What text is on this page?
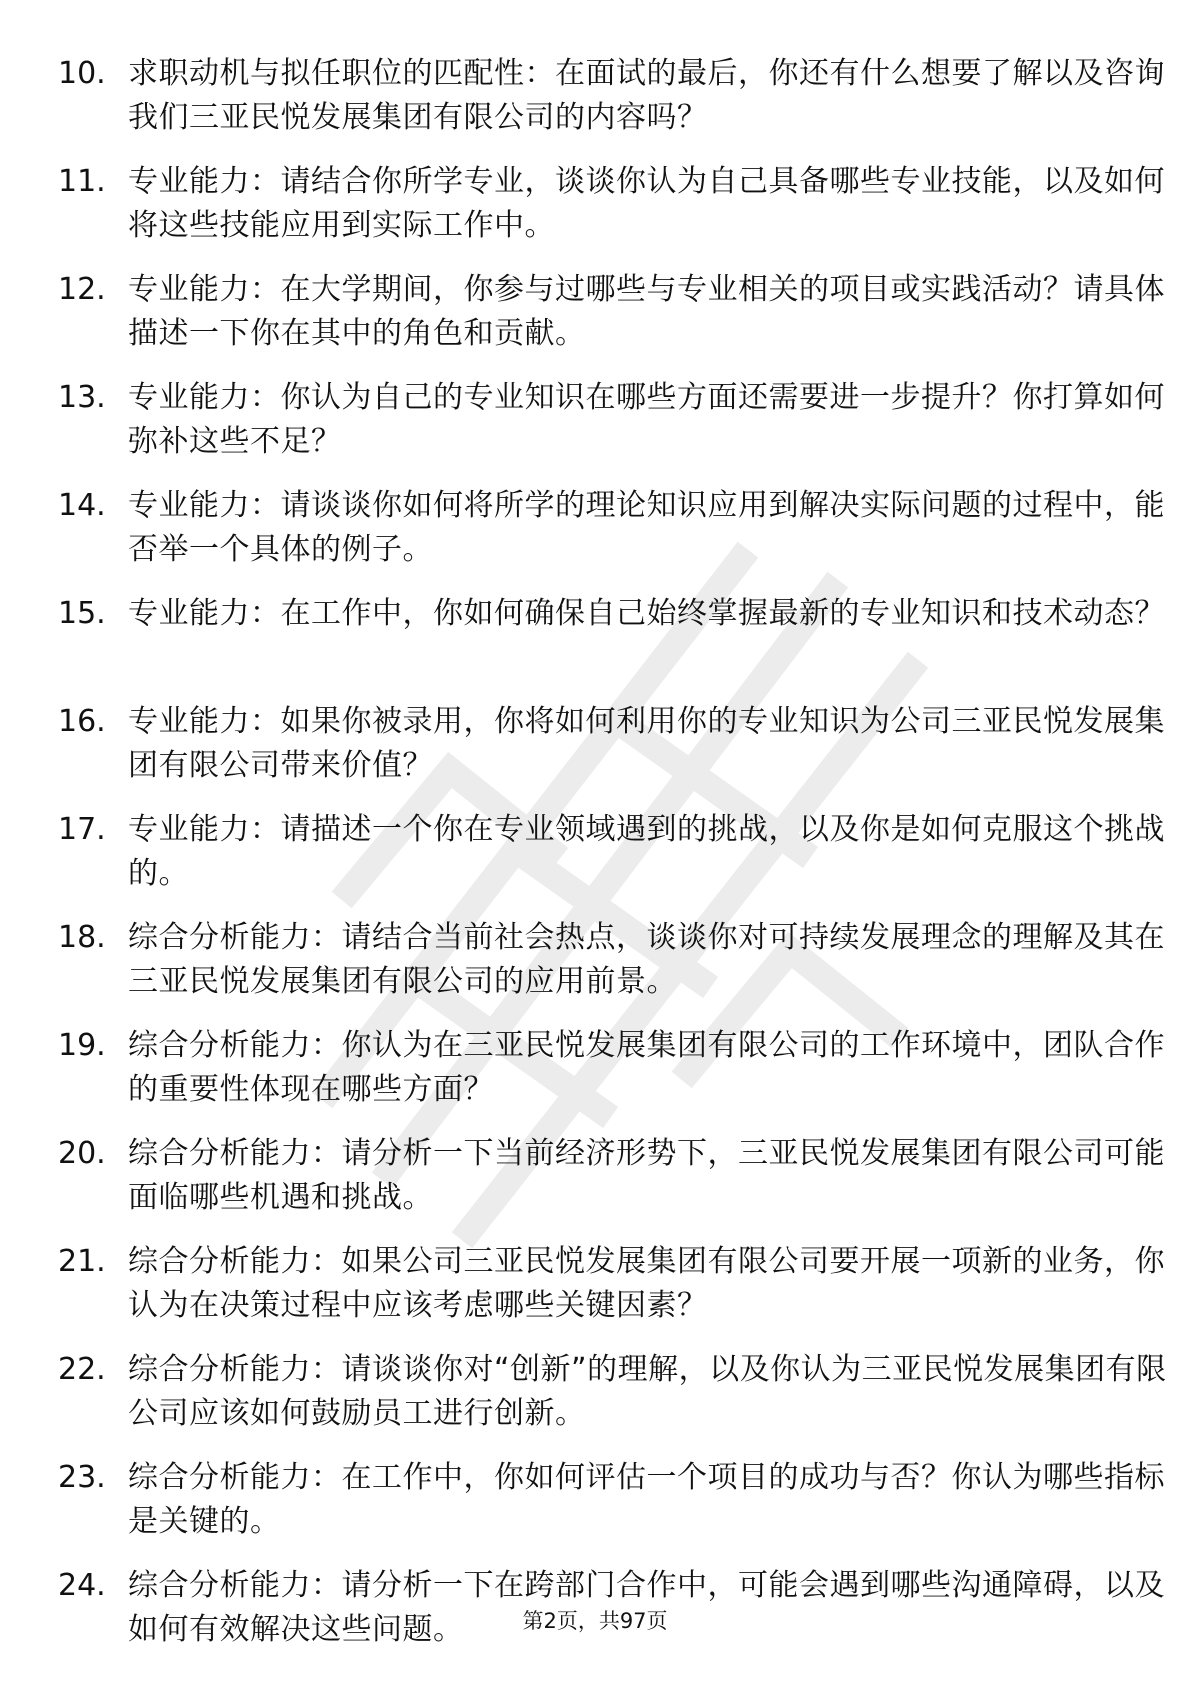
10. 求职动机与拟任职位的匹配性：在面试的最后，你还有什么想要了解以及咨询我们三亚民悦发展集团有限公司的内容吗？
11. 专业能力：请结合你所学专业，谈谈你认为自己具备哪些专业技能，以及如何将这些技能应用到实际工作中。
12. 专业能力：在大学期间，你参与过哪些与专业相关的项目或实践活动？请具体描述一下你在其中的角色和贡献。
13. 专业能力：你认为自己的专业知识在哪些方面还需要进一步提升？你打算如何弥补这些不足？
14. 专业能力：请谈谈你如何将所学的理论知识应用到解决实际问题的过程中，能否举一个具体的例子。
15. 专业能力：在工作中，你如何确保自己始终掌握最新的专业知识和技术动态？
16. 专业能力：如果你被录用，你将如何利用你的专业知识为公司三亚民悦发展集团有限公司带来价值？
17. 专业能力：请描述一个你在专业领域遇到的挑战，以及你是如何克服这个挑战的。
18. 综合分析能力：请结合当前社会热点，谈谈你对可持续发展理念的理解及其在三亚民悦发展集团有限公司的应用前景。
19. 综合分析能力：你认为在三亚民悦发展集团有限公司的工作环境中，团队合作的重要性体现在哪些方面？
20. 综合分析能力：请分析一下当前经济形势下，三亚民悦发展集团有限公司可能面临哪些机遇和挑战。
21. 综合分析能力：如果公司三亚民悦发展集团有限公司要开展一项新的业务，你认为在决策过程中应该考虑哪些关键因素？
22. 综合分析能力：请谈谈你对“创新”的理解，以及你认为三亚民悦发展集团有限公司应该如何鼓励员工进行创新。
23. 综合分析能力：在工作中，你如何评估一个项目的成功与否？你认为哪些指标是关键的。
24. 综合分析能力：请分析一下在跨部门合作中，可能会遇到哪些沟通障碍，以及如何有效解决这些问题。	第2页，共97页
